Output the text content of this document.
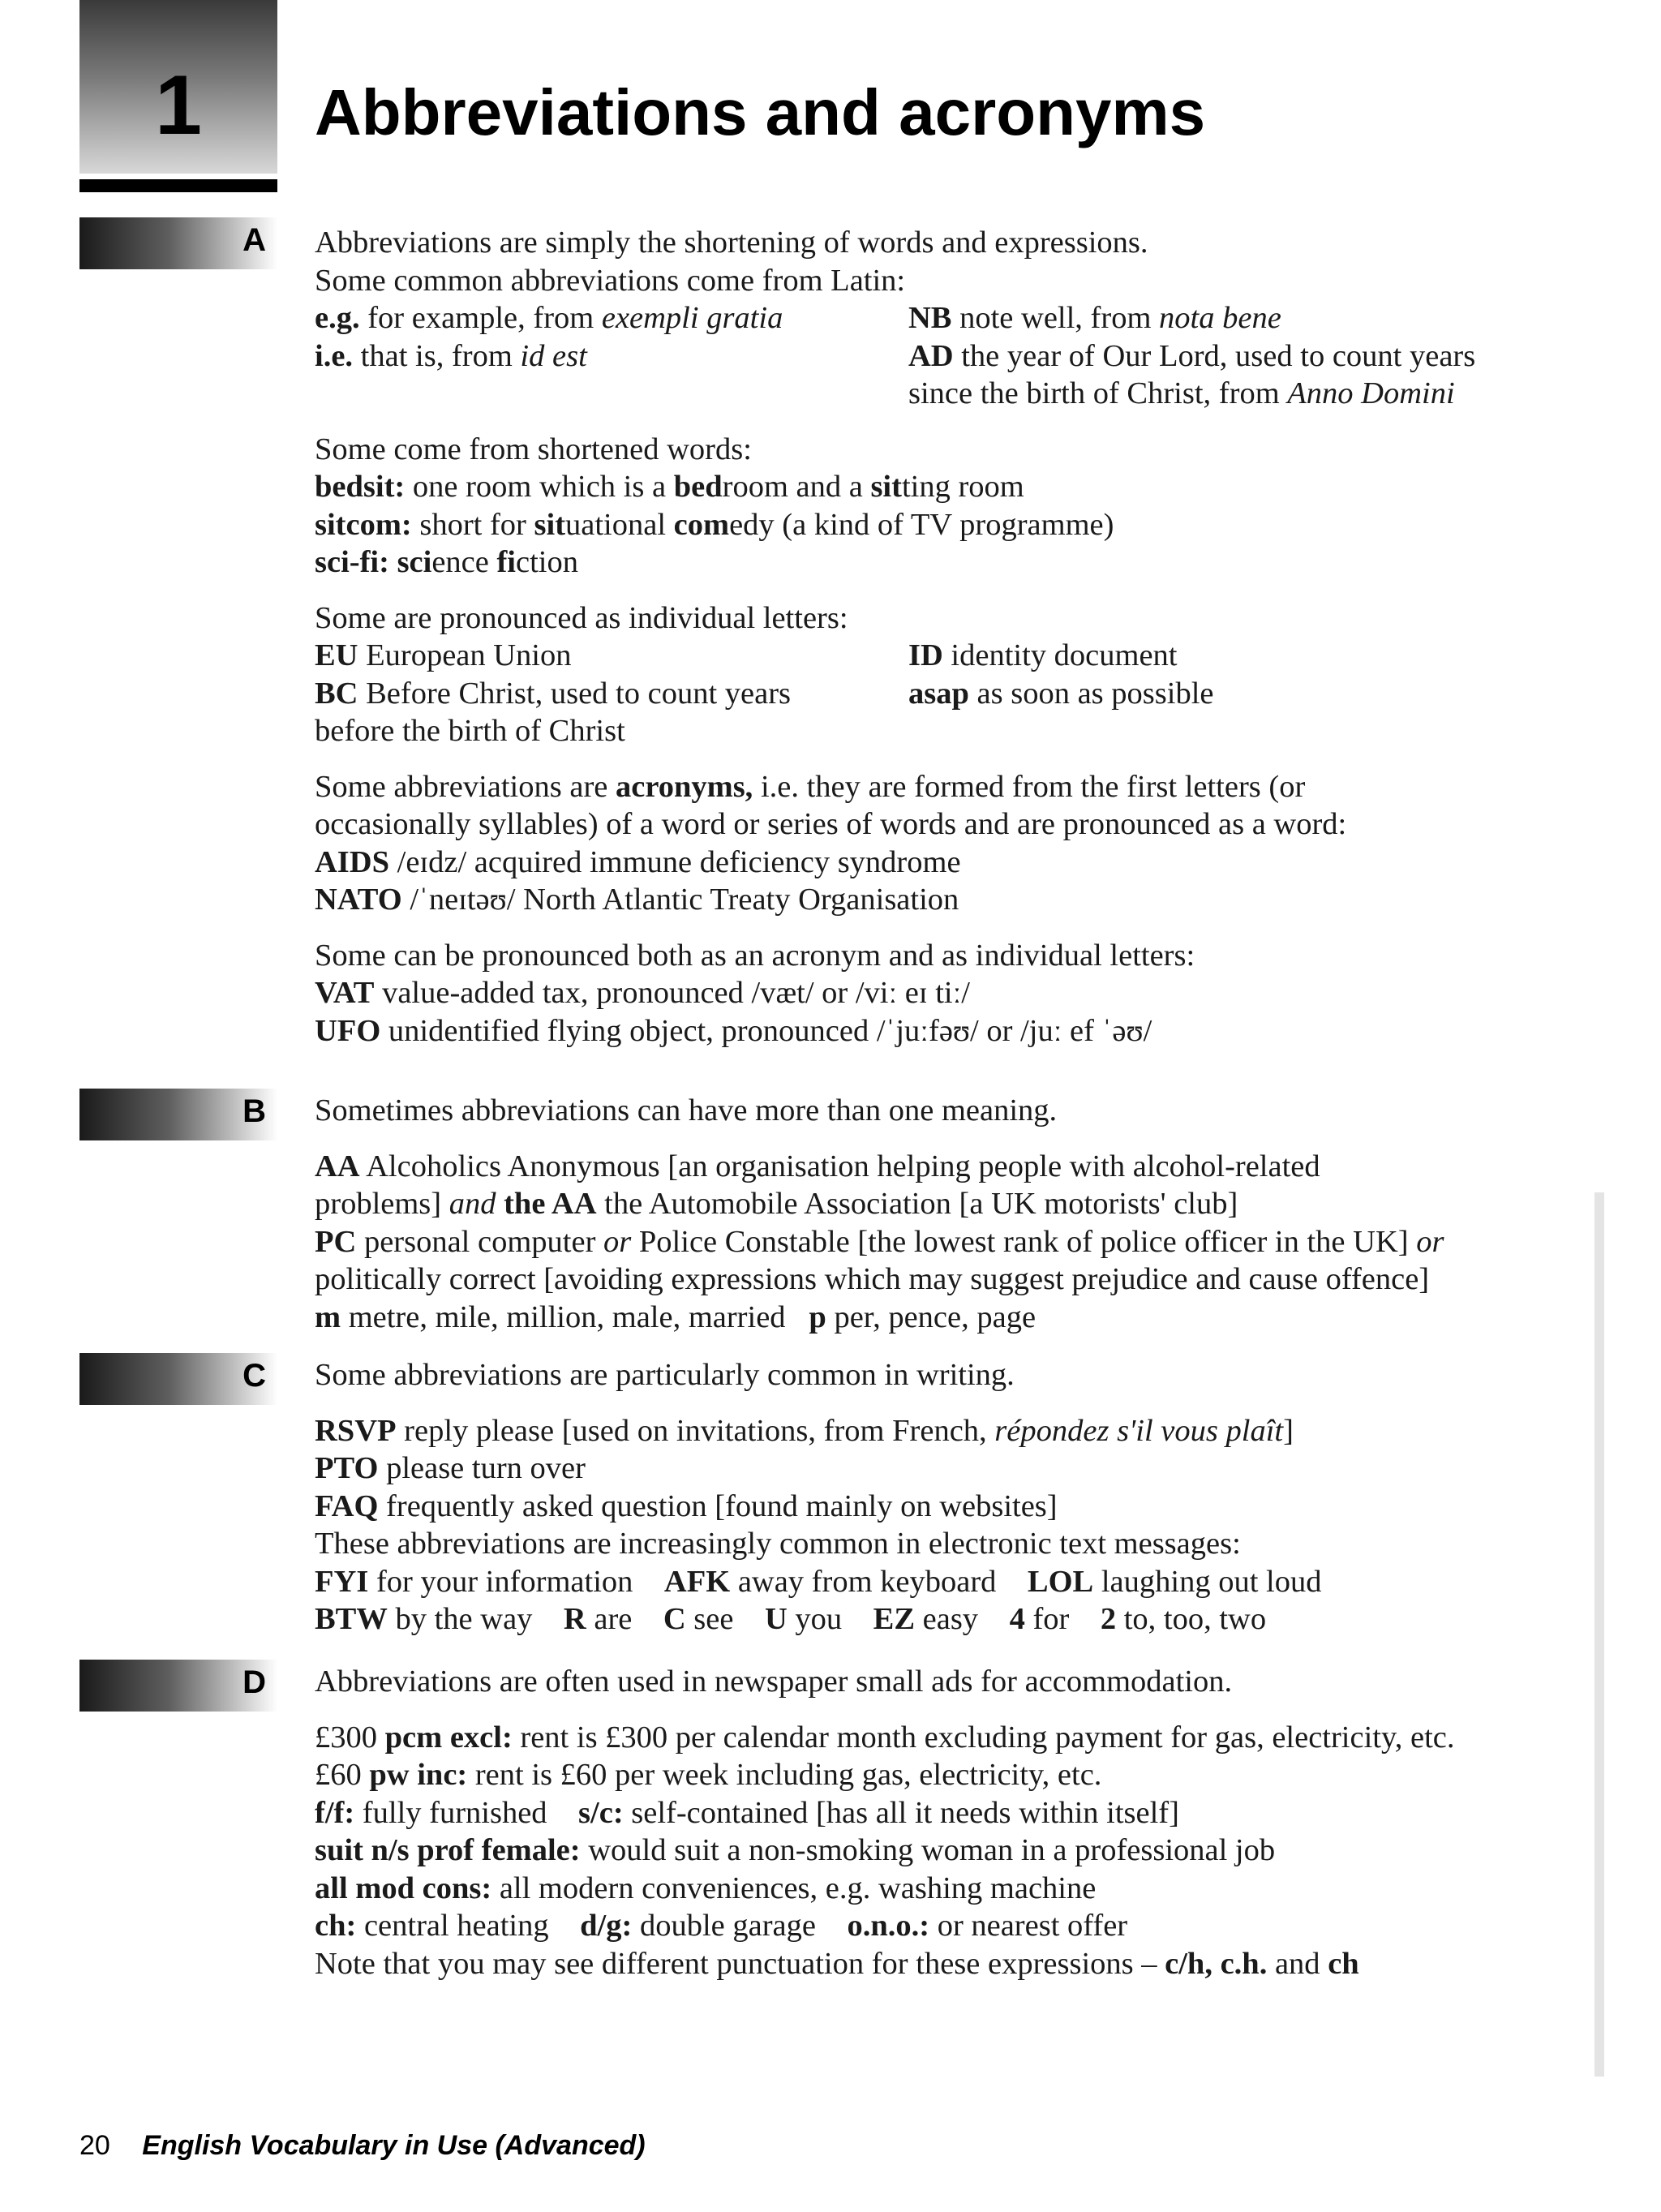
1	Abbreviations and acronyms
A
B
C
D

Abbreviations are simply the shortening of words and expressions.

Some common abbreviations come from Latin:

e.g. for example, from exempli gratia	NB note well, from nota bene
i.e. that is, from id est	AD the year of Our Lord, used to count years

since the birth of Christ, from Anno Domini

Some come from shortened words:

bedsit: one room which is a bedroom and a sitting room

sitcom: short for situational comedy (a kind of TV programme)

sci-fi: science fiction

Some are pronounced as individual letters:

EU European Union	ID identity document
BC Before Christ, used to count years	asap as soon as possible

before the birth of Christ

Some abbreviations are acronyms, i.e. they are formed from the first letters (or

occasionally syllables) of a word or series of words and are pronounced as a word:

AIDS /eɪdz/ acquired immune deficiency syndrome

NATO /ˈneɪtəʊ/ North Atlantic Treaty Organisation

Some can be pronounced both as an acronym and as individual letters:

VAT value-added tax, pronounced /væt/ or /viː eɪ tiː/

UFO unidentified flying object, pronounced /ˈjuːfəʊ/ or /juː ef ˈəʊ/

Sometimes abbreviations can have more than one meaning.

AA Alcoholics Anonymous [an organisation helping people with alcohol-related

problems] and the AA the Automobile Association [a UK motorists' club]

PC personal computer or Police Constable [the lowest rank of police officer in the UK] or

politically correct [avoiding expressions which may suggest prejudice and cause offence]

m metre, mile, million, male, married p per, pence, page

Some abbreviations are particularly common in writing.

RSVP reply please [used on invitations, from French, répondez s'il vous plaît]

PTO please turn over

FAQ frequently asked question [found mainly on websites]

These abbreviations are increasingly common in electronic text messages:

FYI for your information AFK away from keyboard LOL laughing out loud

BTW by the way R are C see U you EZ easy 4 for 2 to, too, two

Abbreviations are often used in newspaper small ads for accommodation.

£300 pcm excl: rent is £300 per calendar month excluding payment for gas, electricity, etc.

£60 pw inc: rent is £60 per week including gas, electricity, etc.

f/f: fully furnished s/c: self-contained [has all it needs within itself]

suit n/s prof female: would suit a non-smoking woman in a professional job

all mod cons: all modern conveniences, e.g. washing machine

ch: central heating d/g: double garage o.n.o.: or nearest offer

Note that you may see different punctuation for these expressions – c/h, c.h. and ch

20 English Vocabulary in Use (Advanced)
